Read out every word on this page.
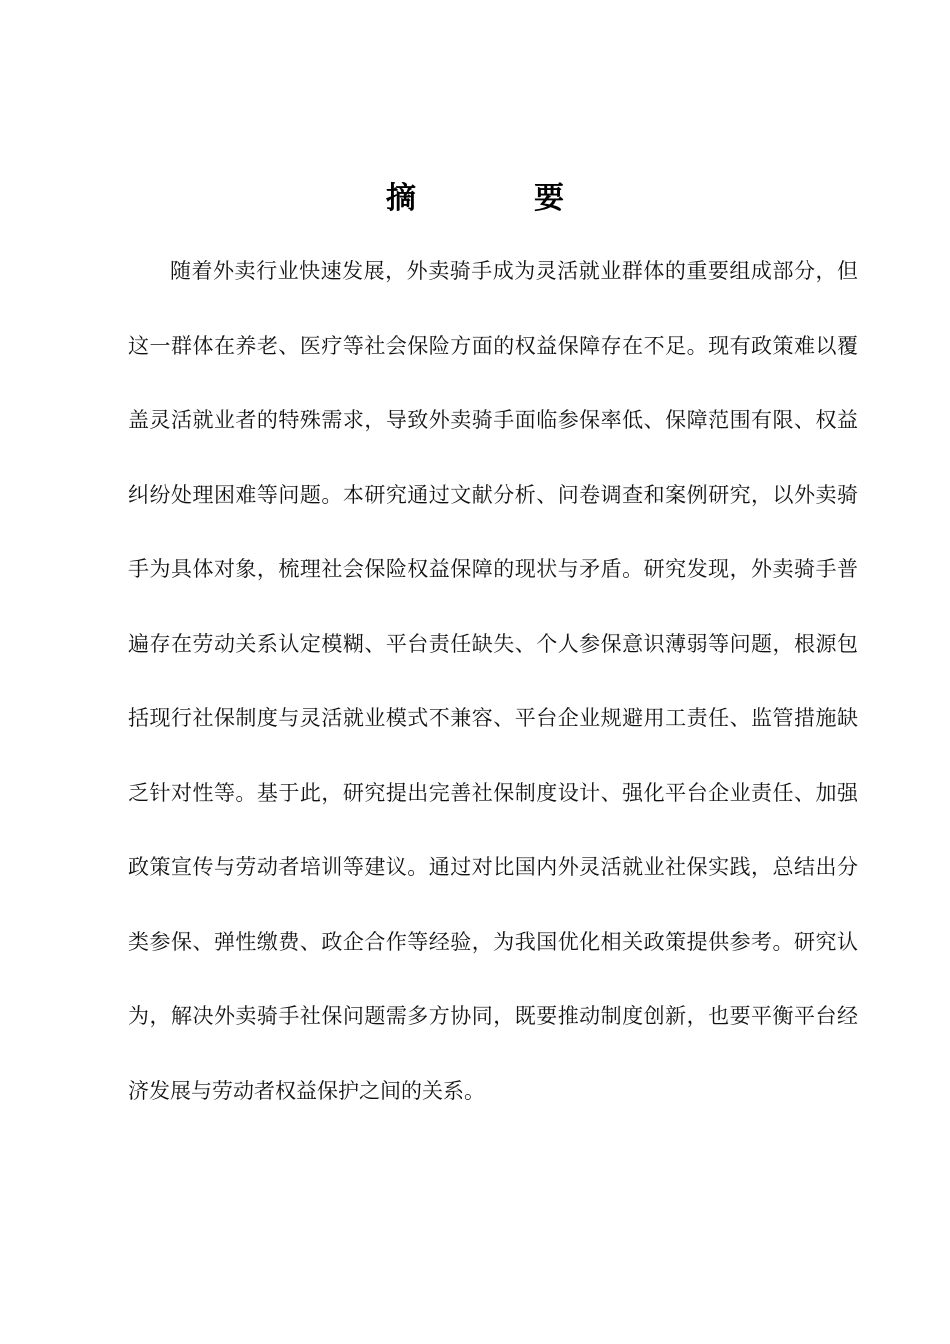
摘　要

随着外卖行业快速发展，外卖骑手成为灵活就业群体的重要组成部分，但这一群体在养老、医疗等社会保险方面的权益保障存在不足。现有政策难以覆盖灵活就业者的特殊需求，导致外卖骑手面临参保率低、保障范围有限、权益纠纷处理困难等问题。本研究通过文献分析、问卷调查和案例研究，以外卖骑手为具体对象，梳理社会保险权益保障的现状与矛盾。研究发现，外卖骑手普遍存在劳动关系认定模糊、平台责任缺失、个人参保意识薄弱等问题，根源包括现行社保制度与灵活就业模式不兼容、平台企业规避用工责任、监管措施缺乏针对性等。基于此，研究提出完善社保制度设计、强化平台企业责任、加强政策宣传与劳动者培训等建议。通过对比国内外灵活就业社保实践，总结出分类参保、弹性缴费、政企合作等经验，为我国优化相关政策提供参考。研究认为，解决外卖骑手社保问题需多方协同，既要推动制度创新，也要平衡平台经济发展与劳动者权益保护之间的关系。
